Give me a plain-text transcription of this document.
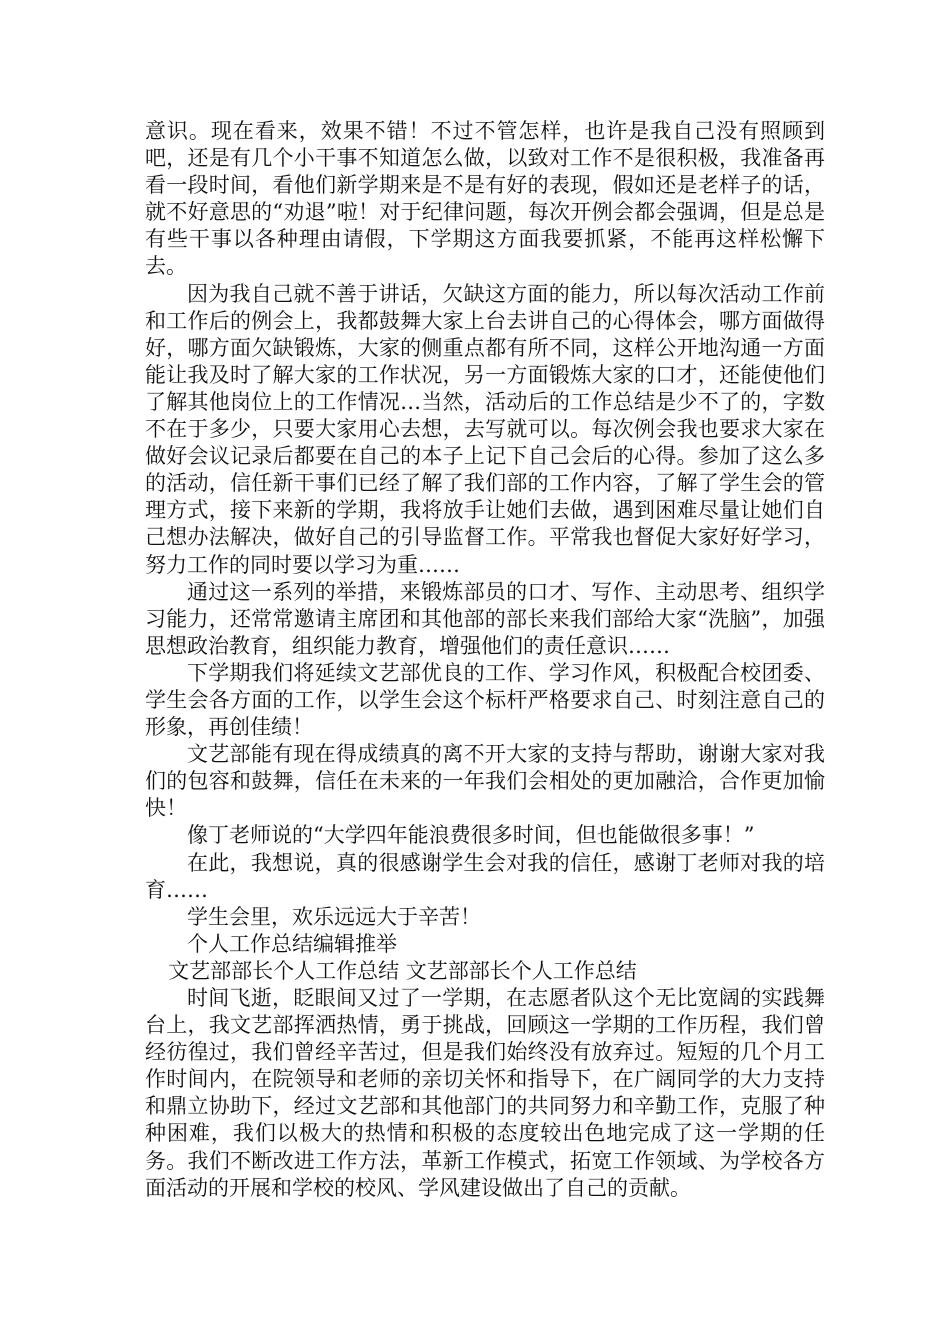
意识。现在看来，效果不错！不过不管怎样，也许是我自己没有照顾到吧，还是有几个小干事不知道怎么做，以致对工作不是很积极，我准备再看一段时间，看他们新学期来是不是有好的表现，假如还是老样子的话，就不好意思的“劝退”啦！对于纪律问题，每次开例会都会强调，但是总是有些干事以各种理由请假，下学期这方面我要抓紧，不能再这样松懈下去。

因为我自己就不善于讲话，欠缺这方面的能力，所以每次活动工作前和工作后的例会上，我都鼓舞大家上台去讲自己的心得体会，哪方面做得好，哪方面欠缺锻炼，大家的侧重点都有所不同，这样公开地沟通一方面能让我及时了解大家的工作状况，另一方面锻炼大家的口才，还能使他们了解其他岗位上的工作情况…当然，活动后的工作总结是少不了的，字数不在于多少，只要大家用心去想，去写就可以。每次例会我也要求大家在做好会议记录后都要在自己的本子上记下自己会后的心得。参加了这么多的活动，信任新干事们已经了解了我们部的工作内容，了解了学生会的管理方式，接下来新的学期，我将放手让她们去做，遇到困难尽量让她们自己想办法解决，做好自己的引导监督工作。平常我也督促大家好好学习，努力工作的同时要以学习为重……

通过这一系列的举措，来锻炼部员的口才、写作、主动思考、组织学习能力，还常常邀请主席团和其他部的部长来我们部给大家“洗脑”，加强思想政治教育，组织能力教育，增强他们的责任意识……

下学期我们将延续文艺部优良的工作、学习作风，积极配合校团委、学生会各方面的工作，以学生会这个标杆严格要求自己、时刻注意自己的形象，再创佳绩！

文艺部能有现在得成绩真的离不开大家的支持与帮助，谢谢大家对我们的包容和鼓舞，信任在未来的一年我们会相处的更加融洽，合作更加愉快！

像丁老师说的“大学四年能浪费很多时间，但也能做很多事！”

在此，我想说，真的很感谢学生会对我的信任，感谢丁老师对我的培育……

学生会里，欢乐远远大于辛苦！

个人工作总结编辑推举

文艺部部长个人工作总结 文艺部部长个人工作总结

时间飞逝，眨眼间又过了一学期，在志愿者队这个无比宽阔的实践舞台上，我文艺部挥洒热情，勇于挑战，回顾这一学期的工作历程，我们曾经彷徨过，我们曾经辛苦过，但是我们始终没有放弃过。短短的几个月工作时间内，在院领导和老师的亲切关怀和指导下，在广阔同学的大力支持和鼎立协助下，经过文艺部和其他部门的共同努力和辛勤工作，克服了种种困难，我们以极大的热情和积极的态度较出色地完成了这一学期的任务。我们不断改进工作方法，革新工作模式，拓宽工作领域、为学校各方面活动的开展和学校的校风、学风建设做出了自己的贡献。
